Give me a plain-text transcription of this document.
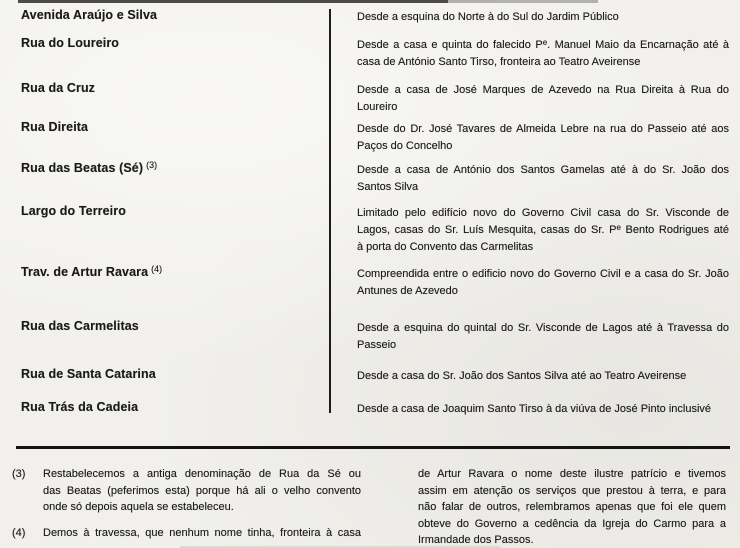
Avenida Araújo e Silva	Desde a esquina do Norte à do Sul do Jardim Público
Rua do Loureiro	Desde a casa e quinta do falecido $P^e$. Manuel Maio da Encarnação até à
casa de António Santo Tirso, fronteira ao Teatro Aveirense
Rua da Cruz	Desde a casa de José Marques de Azevedo na Rua Direita à Rua do
Loureiro
Rua Direita	Desde do Dr. José Tavares de Almeida Lebre na rua do Passeio até aos
Paços do Concelho
Rua das Beatas (Sé) $^{(3)}$	Desde a casa de António dos Santos Gamelas até à do Sr. João dos
Santos Silva
Largo do Terreiro	Limitado pelo edifício novo do Governo Civil casa do Sr. Visconde de
Lagos, casas do Sr. Luís Mesquita, casas do Sr. $P^e$ Bento Rodrigues até
à porta do Convento das Carmelitas
Trav. de Artur Ravara $^{(4)}$	Compreendida entre o edificio novo do Governo Civil e a casa do Sr. João
Antunes de Azevedo
Rua das Carmelitas	Desde a esquina do quintal do Sr. Visconde de Lagos até à Travessa do
Passeio
Rua de Santa Catarina	Desde a casa do Sr. João dos Santos Silva até ao Teatro Aveirense
Rua Trás da Cadeia	Desde a casa de Joaquim Santo Tirso à da viúva de José Pinto inclusivé
(3) Restabelecemos a antiga denominação de Rua da Sé ou
das Beatas (peferimos esta) porque há ali o velho convento
onde só depois aquela se estabeleceu.
(4) Demos à travessa, que nenhum nome tinha, fronteira à casa
de Artur Ravara o nome deste ilustre patrício e tivemos
assim em atenção os serviços que prestou à terra, e para
não falar de outros, relembramos apenas que foi ele quem
obteve do Governo a cedência da Igreja do Carmo para a
Irmandade dos Passos.
